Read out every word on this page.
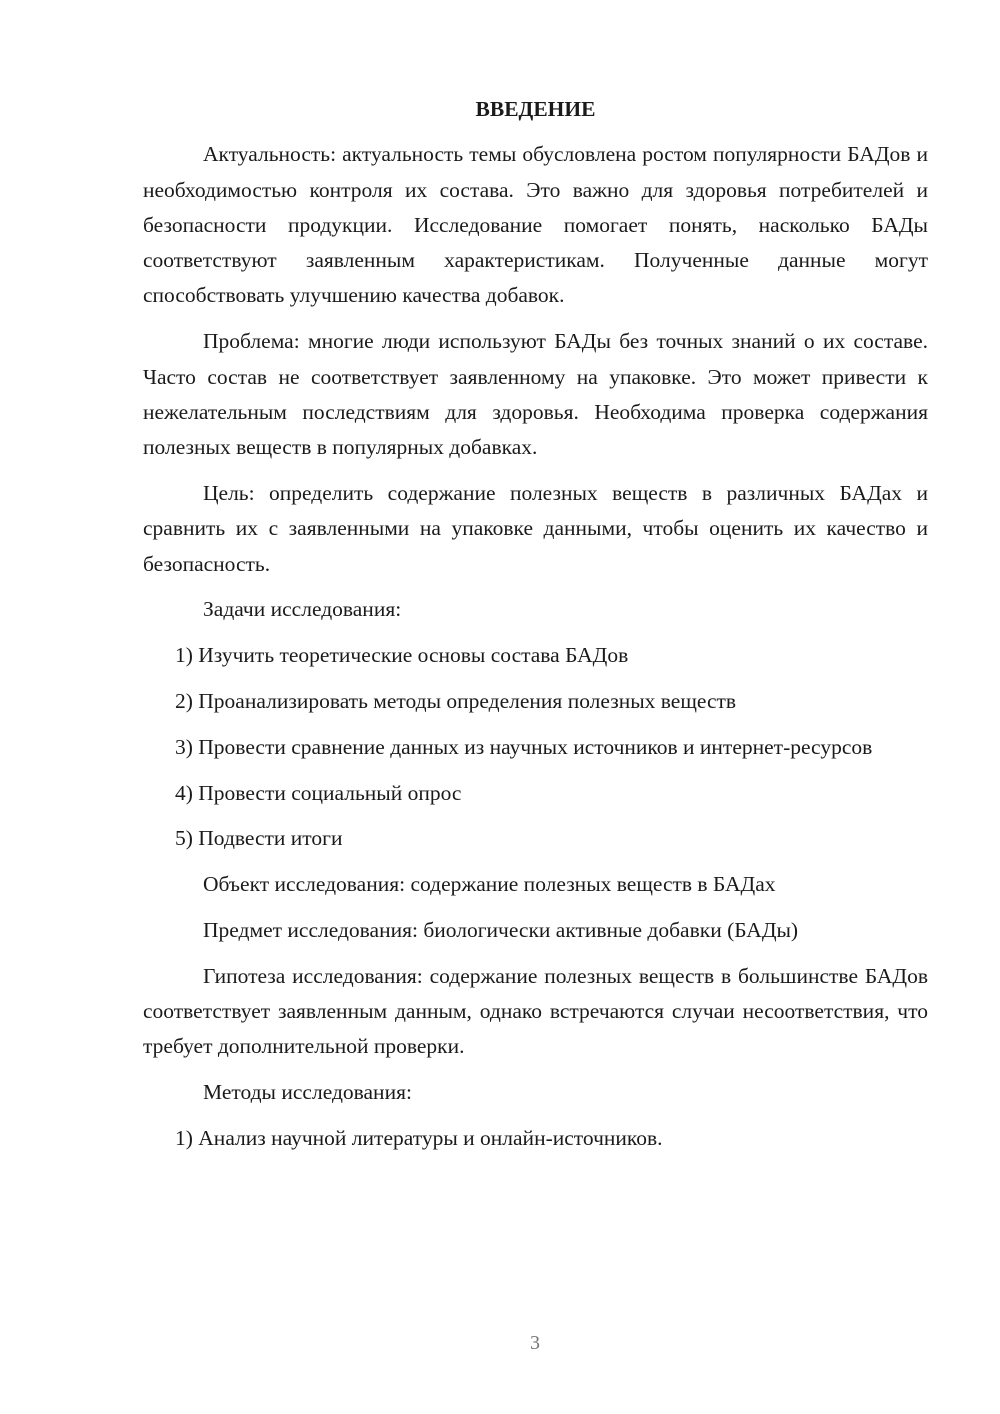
ВВЕДЕНИЕ

Актуальность: актуальность темы обусловлена ростом популярности БАДов и необходимостью контроля их состава. Это важно для здоровья потребителей и безопасности продукции. Исследование помогает понять, насколько БАДы соответствуют заявленным характеристикам. Полученные данные могут способствовать улучшению качества добавок.

Проблема: многие люди используют БАДы без точных знаний о их составе. Часто состав не соответствует заявленному на упаковке. Это может привести к нежелательным последствиям для здоровья. Необходима проверка содержания полезных веществ в популярных добавках.

Цель: определить содержание полезных веществ в различных БАДах и сравнить их с заявленными на упаковке данными, чтобы оценить их качество и безопасность.

Задачи исследования:

1) Изучить теоретические основы состава БАДов

2) Проанализировать методы определения полезных веществ

3) Провести сравнение данных из научных источников и интернет-ресурсов

4) Провести социальный опрос

5) Подвести итоги

Объект исследования: содержание полезных веществ в БАДах

Предмет исследования: биологически активные добавки (БАДы)

Гипотеза исследования: содержание полезных веществ в большинстве БАДов соответствует заявленным данным, однако встречаются случаи несоответствия, что требует дополнительной проверки.

Методы исследования:

1) Анализ научной литературы и онлайн-источников.

3
